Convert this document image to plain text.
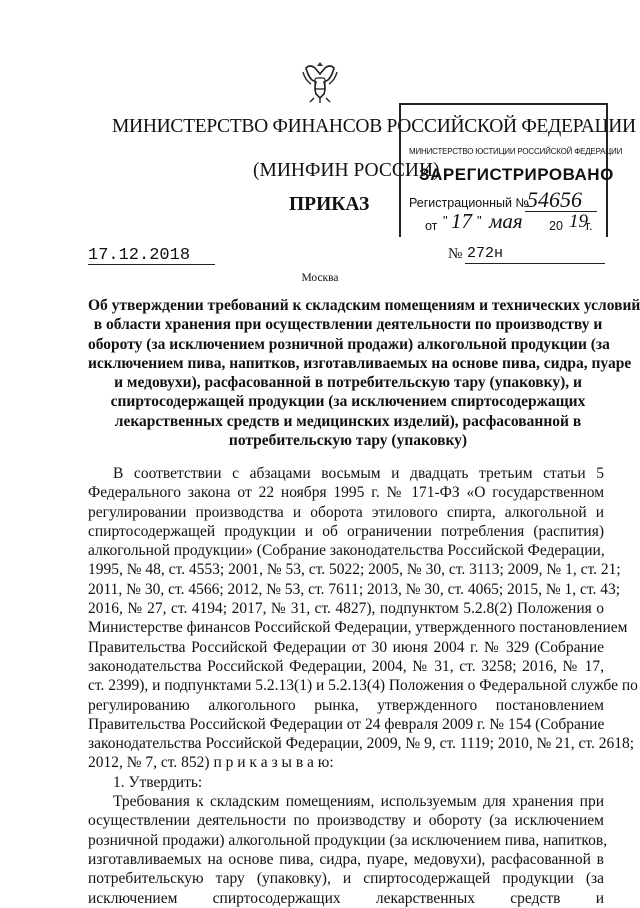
МИНИСТЕРСТВО ФИНАНСОВ РОССИЙСКОЙ ФЕДЕРАЦИИ
(МИНФИН РОССИИ)
ПРИКАЗ
МИНИСТЕРСТВО ЮСТИЦИИ РОССИЙСКОЙ ФЕДЕРАЦИИ
ЗАРЕГИСТРИРОВАНО
Регистрационный №
54656
от " 17 " мая 20 19
г.
17.12.2018	№ 272н
Москва
Об утверждении требований к складским помещениям и технических условий
в области хранения при осуществлении деятельности по производству и
обороту (за исключением розничной продажи) алкогольной продукции (за
исключением пива, напитков, изготавливаемых на основе пива, сидра, пуаре
и медовухи), расфасованной в потребительскую тару (упаковку), и
спиртосодержащей продукции (за исключением спиртосодержащих
лекарственных средств и медицинских изделий), расфасованной в
потребительскую тару (упаковку)
В соответствии с абзацами восьмым и двадцать третьим статьи 5
Федерального закона от 22 ноября 1995 г. № 171-ФЗ «О государственном
регулировании производства и оборота этилового спирта, алкогольной и
спиртосодержащей продукции и об ограничении потребления (распития)
алкогольной продукции» (Собрание законодательства Российской Федерации,
1995, № 48, ст. 4553; 2001, № 53, ст. 5022; 2005, № 30, ст. 3113; 2009, № 1, ст. 21;
2011, № 30, ст. 4566; 2012, № 53, ст. 7611; 2013, № 30, ст. 4065; 2015, № 1, ст. 43;
2016, № 27, ст. 4194; 2017, № 31, ст. 4827), подпунктом 5.2.8(2) Положения о
Министерстве финансов Российской Федерации, утвержденного постановлением
Правительства Российской Федерации от 30 июня 2004 г. № 329 (Собрание
законодательства Российской Федерации, 2004, № 31, ст. 3258; 2016, № 17,
ст. 2399), и подпунктами 5.2.13(1) и 5.2.13(4) Положения о Федеральной службе по
регулированию алкогольного рынка, утвержденного постановлением
Правительства Российской Федерации от 24 февраля 2009 г. № 154 (Собрание
законодательства Российской Федерации, 2009, № 9, ст. 1119; 2010, № 21, ст. 2618;
2012, № 7, ст. 852) п р и к а з ы в а ю:
1. Утвердить:
Требования к складским помещениям, используемым для хранения при
осуществлении деятельности по производству и обороту (за исключением
розничной продажи) алкогольной продукции (за исключением пива, напитков,
изготавливаемых на основе пива, сидра, пуаре, медовухи), расфасованной в
потребительскую тару (упаковку), и спиртосодержащей продукции (за
исключением спиртосодержащих лекарственных средств и
